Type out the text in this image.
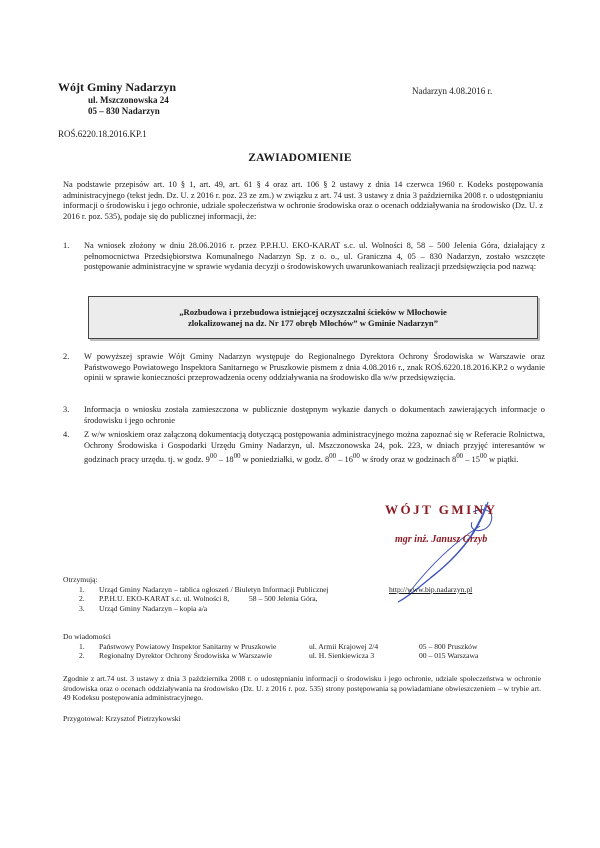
Wójt Gminy Nadarzyn
ul. Mszczonowska 24
05 – 830 Nadarzyn
Nadarzyn 4.08.2016 r.
ROŚ.6220.18.2016.KP.1
ZAWIADOMIENIE
Na podstawie przepisów art. 10 § 1, art. 49, art. 61 § 4 oraz art. 106 § 2 ustawy z dnia 14 czerwca 1960 r. Kodeks postępowania administracyjnego (tekst jedn. Dz. U. z 2016 r. poz. 23 ze zm.) w związku z art. 74 ust. 3 ustawy z dnia 3 października 2008 r. o udostępnianiu informacji o środowisku i jego ochronie, udziale społeczeństwa w ochronie środowiska oraz o ocenach oddziaływania na środowisko (Dz. U. z 2016 r. poz. 535), podaje się do publicznej informacji, że:
1.	Na wniosek złożony w dniu 28.06.2016 r. przez P.P.H.U. EKO-KARAT s.c. ul. Wolności 8, 58 – 500 Jelenia Góra, działający z pełnomocnictwa Przedsiębiorstwa Komunalnego Nadarzyn Sp. z o. o., ul. Graniczna 4, 05 – 830 Nadarzyn, zostało wszczęte postępowanie administracyjne w sprawie wydania decyzji o środowiskowych uwarunkowaniach realizacji przedsięwzięcia pod nazwą:
„Rozbudowa i przebudowa istniejącej oczyszczalni ścieków w Młochowie
zlokalizowanej na dz. Nr 177 obręb Młochów” w Gminie Nadarzyn”
2.	W powyższej sprawie Wójt Gminy Nadarzyn występuje do Regionalnego Dyrektora Ochrony Środowiska w Warszawie oraz Państwowego Powiatowego Inspektora Sanitarnego w Pruszkowie pismem z dnia 4.08.2016 r., znak ROŚ.6220.18.2016.KP.2 o wydanie opinii w sprawie konieczności przeprowadzenia oceny oddziaływania na środowisko dla w/w przedsięwzięcia.
3.	Informacja o wniosku została zamieszczona w publicznie dostępnym wykazie danych o dokumentach zawierających informacje o środowisku i jego ochronie
4.	Z w/w wnioskiem oraz załączoną dokumentacją dotyczącą postępowania administracyjnego można zapoznać się w Referacie Rolnictwa, Ochrony Środowiska i Gospodarki Urzędu Gminy Nadarzyn, ul. Mszczonowska 24, pok. 223, w dniach przyjęć interesantów w godzinach pracy urzędu. tj. w godz. $9^{00} - 18^{00}$ w poniedziałki, w godz. $8^{00} - 16^{00}$ w środy oraz w godzinach $8^{00} - 15^{00}$ w piątki.
WÓJT GMINY
mgr inż. Janusz Grzyb
Otrzymują:
1.	Urząd Gminy Nadarzyn – tablica ogłoszeń / Biuletyn Informacji Publicznej	http://www.bip.nadarzyn.pl
2.	P.P.H.U. EKO-KARAT s.c. ul. Wolności 8,	58 – 500 Jelenia Góra,
3.	Urząd Gminy Nadarzyn – kopia a/a
Do wiadomości
1.	Państwowy Powiatowy Inspektor Sanitarny w Pruszkowie	ul. Armii Krajowej 2/4	05 – 800 Pruszków
2.	Regionalny Dyrektor Ochrony Środowiska w Warszawie	ul. H. Sienkiewicza 3	00 – 015 Warszawa
Zgodnie z art.74 ust. 3 ustawy z dnia 3 października 2008 r. o udostępnianiu informacji o środowisku i jego ochronie, udziale społeczeństwa w ochronie środowiska oraz o ocenach oddziaływania na środowisko (Dz. U. z 2016 r. poz. 535) strony postępowania są powiadamiane obwieszczeniem – w trybie art. 49 Kodeksu postępowania administracyjnego.
Przygotował: Krzysztof Pietrzykowski
